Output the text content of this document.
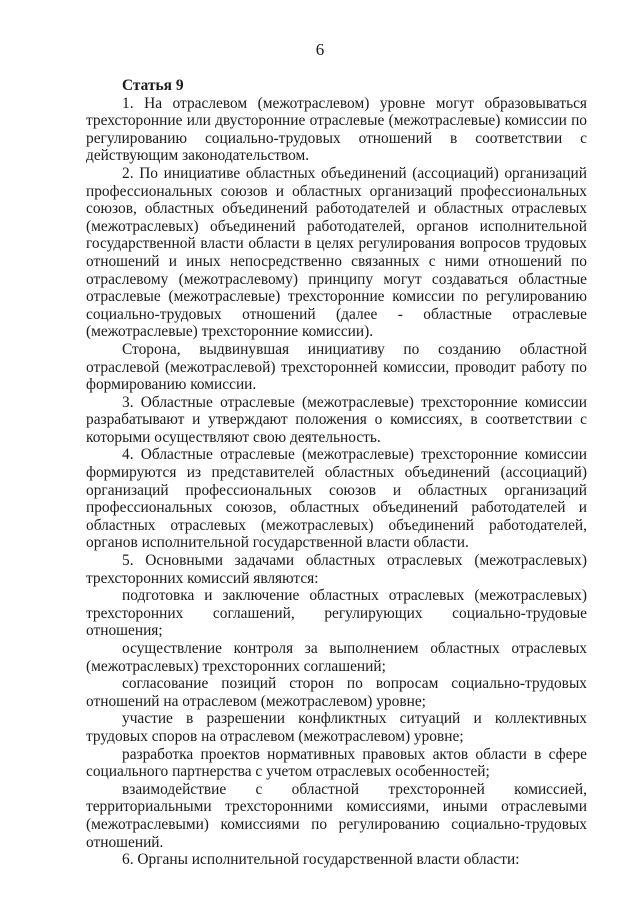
6

Статья 9

1. На отраслевом (межотраслевом) уровне могут образовываться трехсторонние или двусторонние отраслевые (межотраслевые) комиссии по регулированию социально-трудовых отношений в соответствии с действующим законодательством.

2. По инициативе областных объединений (ассоциаций) организаций профессиональных союзов и областных организаций профессиональных союзов, областных объединений работодателей и областных отраслевых (межотраслевых) объединений работодателей, органов исполнительной государственной власти области в целях регулирования вопросов трудовых отношений и иных непосредственно связанных с ними отношений по отраслевому (межотраслевому) принципу могут создаваться областные отраслевые (межотраслевые) трехсторонние комиссии по регулированию социально-трудовых отношений (далее - областные отраслевые (межотраслевые) трехсторонние комиссии).

Сторона, выдвинувшая инициативу по созданию областной отраслевой (межотраслевой) трехсторонней комиссии, проводит работу по формированию комиссии.

3. Областные отраслевые (межотраслевые) трехсторонние комиссии разрабатывают и утверждают положения о комиссиях, в соответствии с которыми осуществляют свою деятельность.

4. Областные отраслевые (межотраслевые) трехсторонние комиссии формируются из представителей областных объединений (ассоциаций) организаций профессиональных союзов и областных организаций профессиональных союзов, областных объединений работодателей и областных отраслевых (межотраслевых) объединений работодателей, органов исполнительной государственной власти области.

5. Основными задачами областных отраслевых (межотраслевых) трехсторонних комиссий являются:

подготовка и заключение областных отраслевых (межотраслевых) трехсторонних соглашений, регулирующих социально-трудовые отношения;

осуществление контроля за выполнением областных отраслевых (межотраслевых) трехсторонних соглашений;

согласование позиций сторон по вопросам социально-трудовых отношений на отраслевом (межотраслевом) уровне;

участие в разрешении конфликтных ситуаций и коллективных трудовых споров на отраслевом (межотраслевом) уровне;

разработка проектов нормативных правовых актов области в сфере социального партнерства с учетом отраслевых особенностей;

взаимодействие с областной трехсторонней комиссией, территориальными трехсторонними комиссиями, иными отраслевыми (межотраслевыми) комиссиями по регулированию социально-трудовых отношений.

6. Органы исполнительной государственной власти области:
